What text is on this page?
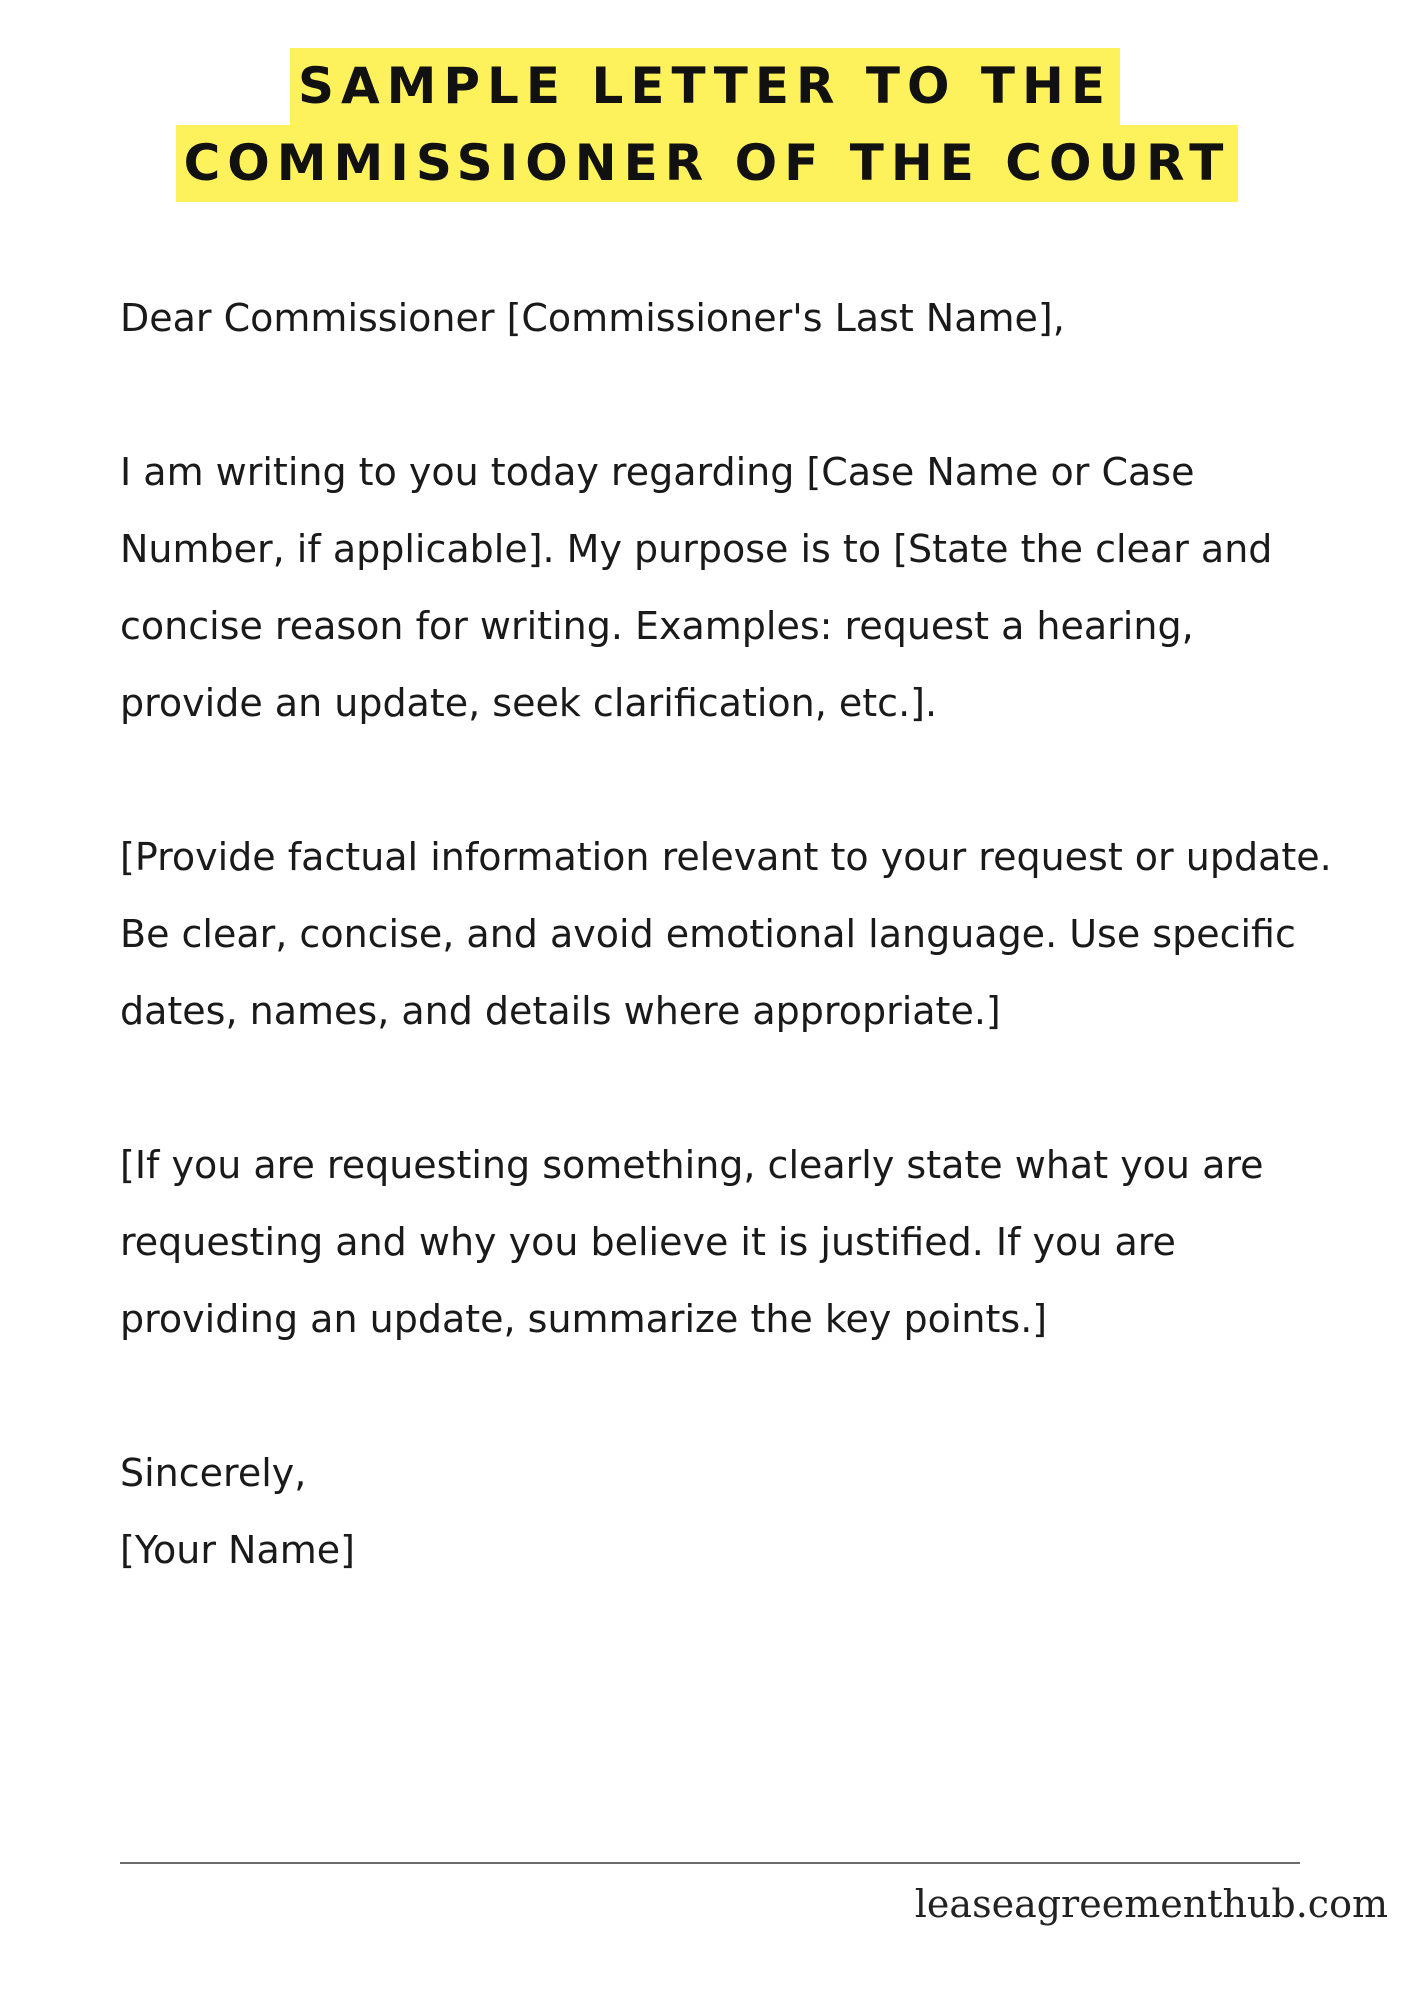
SAMPLE LETTER TO THE
COMMISSIONER OF THE COURT

Dear Commissioner [Commissioner's Last Name],

I am writing to you today regarding [Case Name or Case Number, if applicable]. My purpose is to [State the clear and concise reason for writing. Examples: request a hearing, provide an update, seek clarification, etc.].

[Provide factual information relevant to your request or update. Be clear, concise, and avoid emotional language. Use specific dates, names, and details where appropriate.]

[If you are requesting something, clearly state what you are requesting and why you believe it is justified. If you are providing an update, summarize the key points.]

Sincerely,

[Your Name]

leaseagreementhub.com
